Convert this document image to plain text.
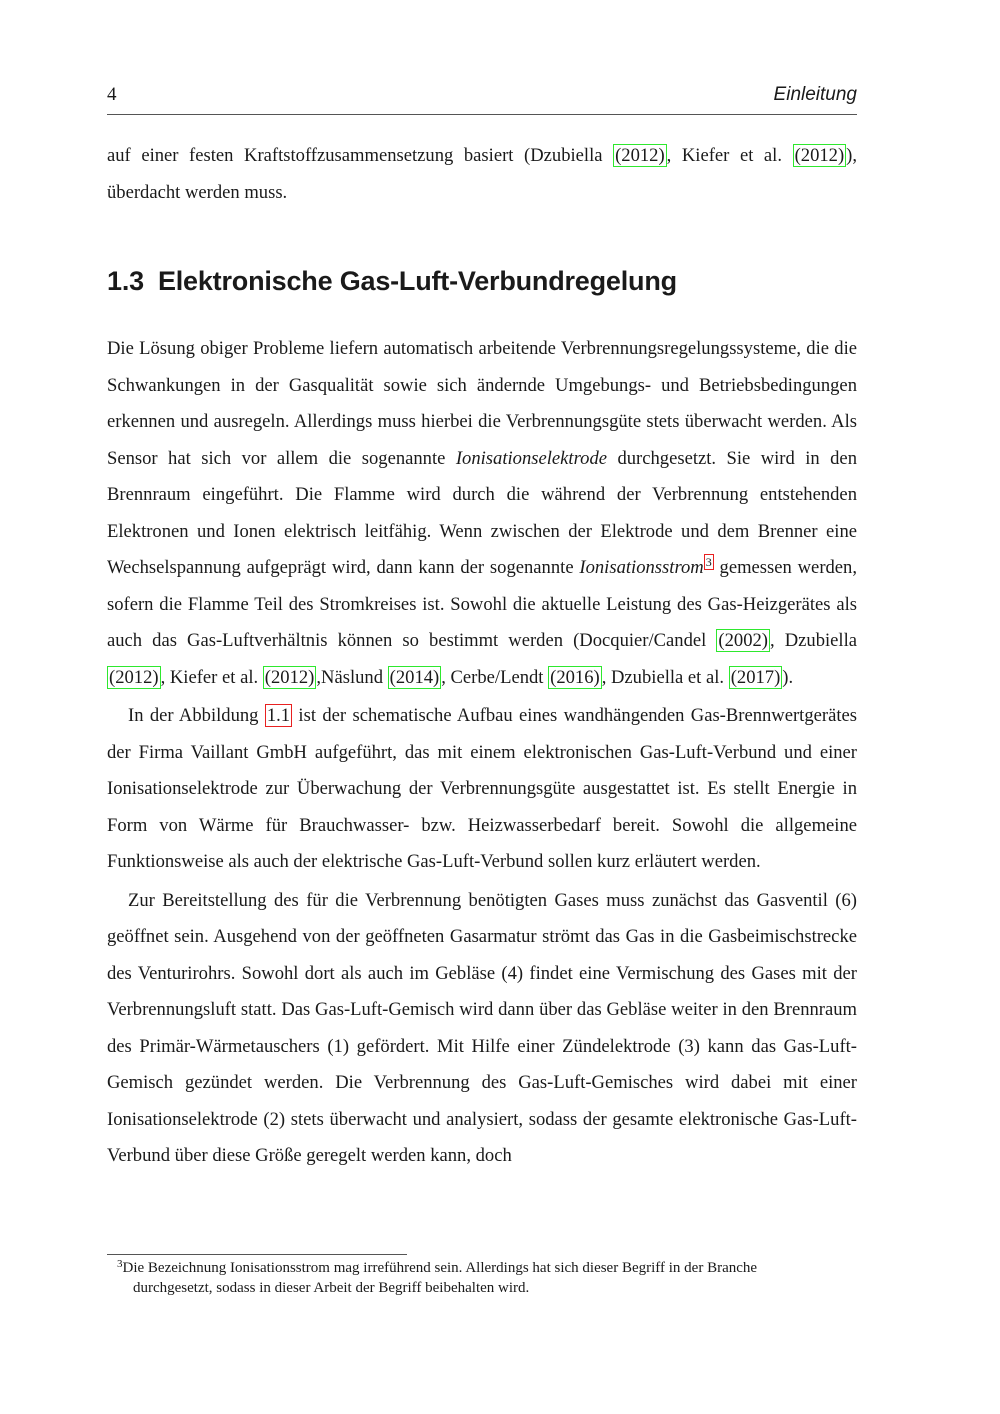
4	Einleitung

auf einer festen Kraftstoffzusammensetzung basiert (Dzubiella (2012) , Kiefer et al. (2012) ), überdacht werden muss.

1.3 Elektronische Gas-Luft-Verbundregelung

Die Lösung obiger Probleme liefern automatisch arbeitende Verbrennungsregelungssysteme, die die Schwankungen in der Gasqualität sowie sich ändernde Umgebungs- und Betriebsbedingungen erkennen und ausregeln. Allerdings muss hierbei die Verbrennungsgüte stets überwacht werden. Als Sensor hat sich vor allem die sogenannte Ionisationselektrode durchgesetzt. Sie wird in den Brennraum eingeführt. Die Flamme wird durch die während der Verbrennung entstehenden Elektronen und Ionen elektrisch leitfähig. Wenn zwischen der Elektrode und dem Brenner eine Wechselspannung aufgeprägt wird, dann kann der sogenannte Ionisationsstrom $^3$ gemessen werden, sofern die Flamme Teil des Stromkreises ist. Sowohl die aktuelle Leistung des Gas-Heizgerätes als auch das Gas-Luftverhältnis können so bestimmt werden (Docquier/Candel (2002) , Dzubiella (2012) , Kiefer et al. (2012) ,Näslund (2014) , Cerbe/Lendt (2016) , Dzubiella et al. (2017) ).

In der Abbildung 1.1 ist der schematische Aufbau eines wandhängenden Gas-Brennwertgerätes der Firma Vaillant GmbH aufgeführt, das mit einem elektronischen Gas-Luft-Verbund und einer Ionisationselektrode zur Überwachung der Verbrennungsgüte ausgestattet ist. Es stellt Energie in Form von Wärme für Brauchwasser- bzw. Heizwasserbedarf bereit. Sowohl die allgemeine Funktionsweise als auch der elektrische Gas-Luft-Verbund sollen kurz erläutert werden.

Zur Bereitstellung des für die Verbrennung benötigten Gases muss zunächst das Gasventil (6) geöffnet sein. Ausgehend von der geöffneten Gasarmatur strömt das Gas in die Gasbeimischstrecke des Venturirohrs. Sowohl dort als auch im Gebläse (4) findet eine Vermischung des Gases mit der Verbrennungsluft statt. Das Gas-Luft-Gemisch wird dann über das Gebläse weiter in den Brennraum des Primär-Wärmetauschers (1) gefördert. Mit Hilfe einer Zündelektrode (3) kann das Gas-Luft-Gemisch gezündet werden. Die Verbrennung des Gas-Luft-Gemisches wird dabei mit einer Ionisationselektrode (2) stets überwacht und analysiert, sodass der gesamte elektronische Gas-Luft-Verbund über diese Größe geregelt werden kann, doch

$^3$Die Bezeichnung Ionisationsstrom mag irreführend sein. Allerdings hat sich dieser Begriff in der Branche
durchgesetzt, sodass in dieser Arbeit der Begriff beibehalten wird.
